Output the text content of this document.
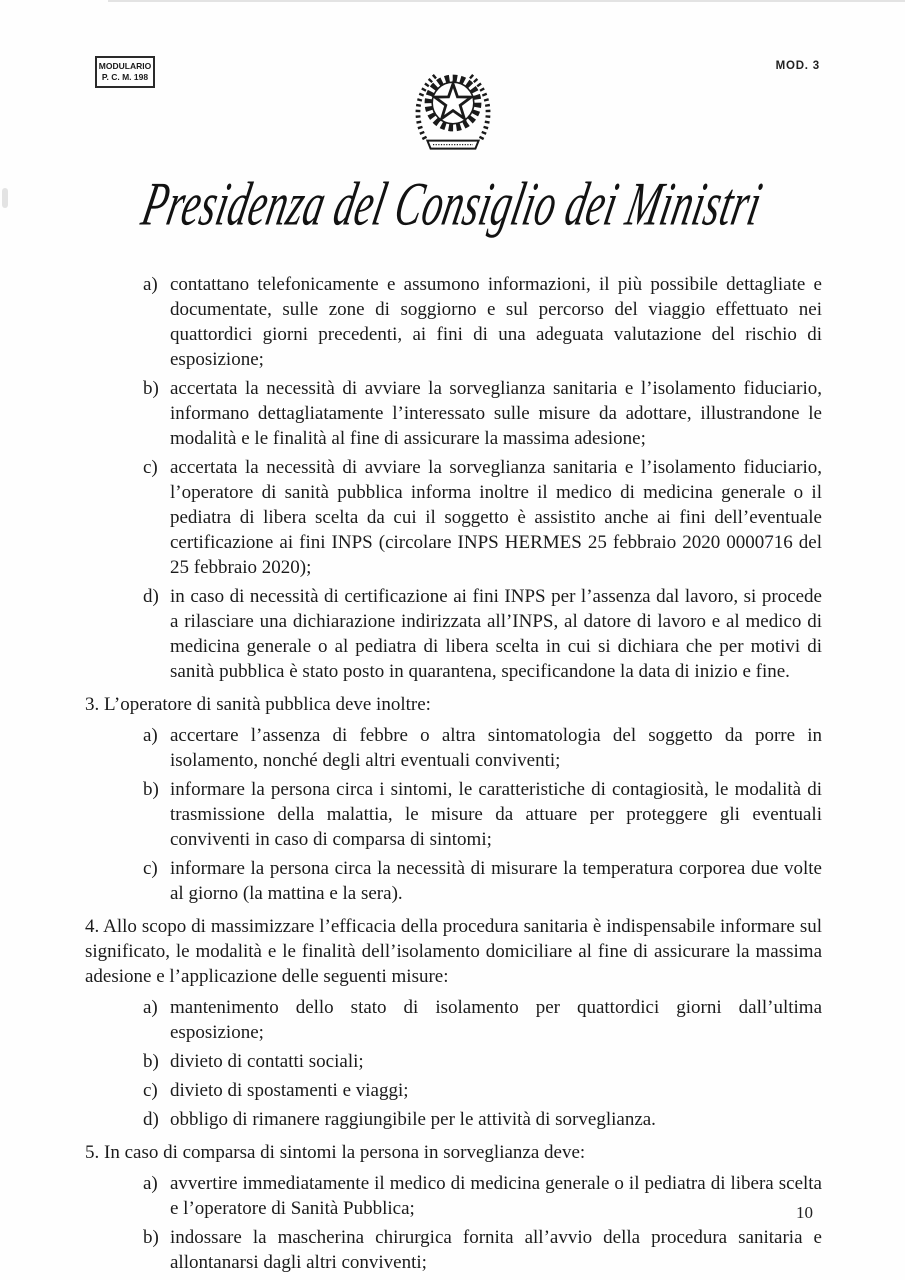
MODULARIO
P. C. M. 198
MOD. 3
Presidenza del Consiglio dei Ministri
a) contattano telefonicamente e assumono informazioni, il più possibile dettagliate e documentate, sulle zone di soggiorno e sul percorso del viaggio effettuato nei quattordici giorni precedenti, ai fini di una adeguata valutazione del rischio di esposizione;
b) accertata la necessità di avviare la sorveglianza sanitaria e l’isolamento fiduciario, informano dettagliatamente l’interessato sulle misure da adottare, illustrandone le modalità e le finalità al fine di assicurare la massima adesione;
c) accertata la necessità di avviare la sorveglianza sanitaria e l’isolamento fiduciario, l’operatore di sanità pubblica informa inoltre il medico di medicina generale o il pediatra di libera scelta da cui il soggetto è assistito anche ai fini dell’eventuale certificazione ai fini INPS (circolare INPS HERMES 25 febbraio 2020 0000716 del 25 febbraio 2020);
d) in caso di necessità di certificazione ai fini INPS per l’assenza dal lavoro, si procede a rilasciare una dichiarazione indirizzata all’INPS, al datore di lavoro e al medico di medicina generale o al pediatra di libera scelta in cui si dichiara che per motivi di sanità pubblica è stato posto in quarantena, specificandone la data di inizio e fine.

3. L’operatore di sanità pubblica deve inoltre:

a) accertare l’assenza di febbre o altra sintomatologia del soggetto da porre in isolamento, nonché degli altri eventuali conviventi;
b) informare la persona circa i sintomi, le caratteristiche di contagiosità, le modalità di trasmissione della malattia, le misure da attuare per proteggere gli eventuali conviventi in caso di comparsa di sintomi;
c) informare la persona circa la necessità di misurare la temperatura corporea due volte al giorno (la mattina e la sera).

4. Allo scopo di massimizzare l’efficacia della procedura sanitaria è indispensabile informare sul significato, le modalità e le finalità dell’isolamento domiciliare al fine di assicurare la massima adesione e l’applicazione delle seguenti misure:

a) mantenimento dello stato di isolamento per quattordici giorni dall’ultima esposizione;
b) divieto di contatti sociali;
c) divieto di spostamenti e viaggi;
d) obbligo di rimanere raggiungibile per le attività di sorveglianza.

5. In caso di comparsa di sintomi la persona in sorveglianza deve:

a) avvertire immediatamente il medico di medicina generale o il pediatra di libera scelta e l’operatore di Sanità Pubblica;
b) indossare la mascherina chirurgica fornita all’avvio della procedura sanitaria e allontanarsi dagli altri conviventi;
10
